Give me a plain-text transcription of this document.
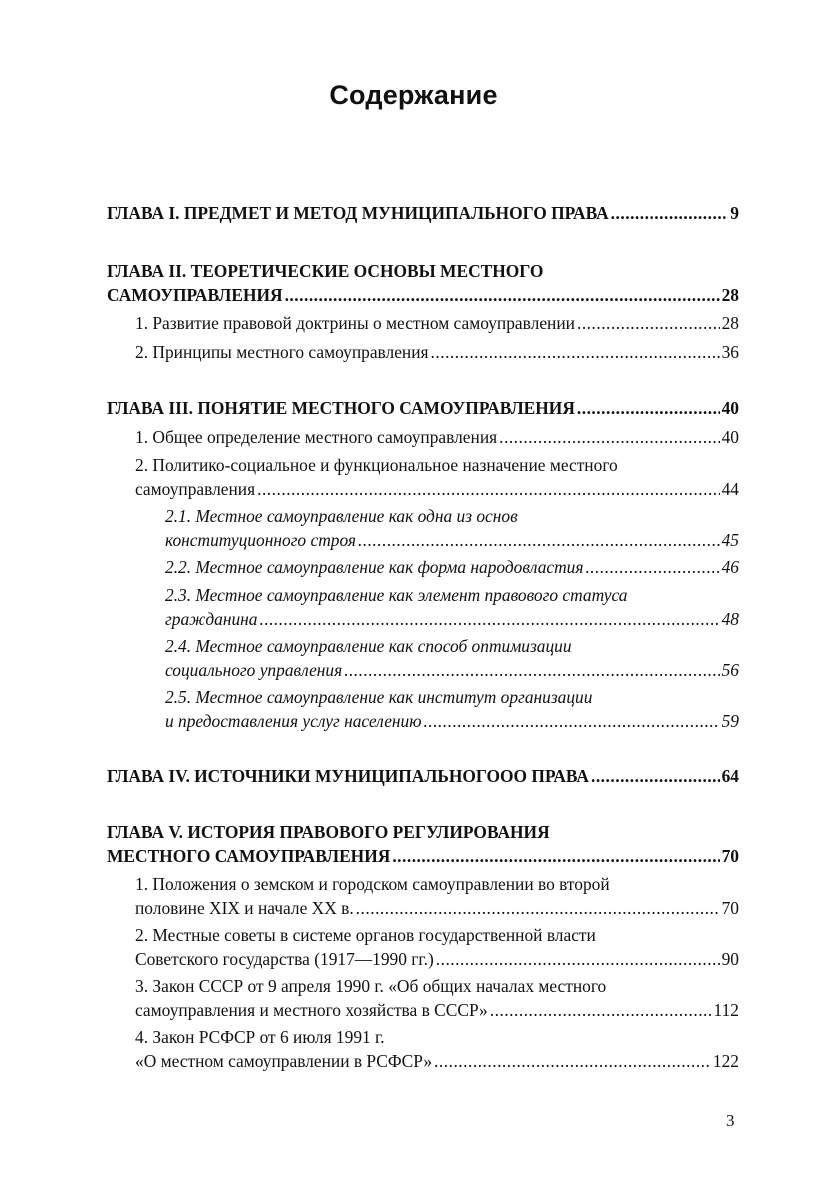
Содержание
ГЛАВА I. ПРЕДМЕТ И МЕТОД МУНИЦИПАЛЬНОГО ПРАВА .....	9
ГЛАВА II. ТЕОРЕТИЧЕСКИЕ ОСНОВЫ МЕСТНОГО
САМОУПРАВЛЕНИЯ .....	28
1. Развитие правовой доктрины о местном самоуправлении .....	28
2. Принципы местного самоуправления .....	36
ГЛАВА III. ПОНЯТИЕ МЕСТНОГО САМОУПРАВЛЕНИЯ .....	40
1. Общее определение местного самоуправления .....	40
2. Политико-социальное и функциональное назначение местного
самоуправления .....	44
2.1. Местное самоуправление как одна из основ
конституционного строя .....	45
2.2. Местное самоуправление как форма народовластия .....	46
2.3. Местное самоуправление как элемент правового статуса
гражданина .....	48
2.4. Местное самоуправление как способ оптимизации
социального управления .....	56
2.5. Местное самоуправление как институт организации
и предоставления услуг населению .....	59
ГЛАВА IV. ИСТОЧНИКИ МУНИЦИПАЛЬНОГООО ПРАВА .....	64
ГЛАВА V. ИСТОРИЯ ПРАВОВОГО РЕГУЛИРОВАНИЯ
МЕСТНОГО САМОУПРАВЛЕНИЯ .....	70
1. Положения о земском и городском самоуправлении во второй
половине XIX и начале XX в. .....	70
2. Местные советы в системе органов государственной власти
Советского государства (1917—1990 гг.) .....	90
3. Закон СССР от 9 апреля 1990 г. «Об общих началах местного
самоуправления и местного хозяйства в СССР» .....	112
4. Закон РСФСР от 6 июля 1991 г.
«О местном самоуправлении в РСФСР» .....	122
3
